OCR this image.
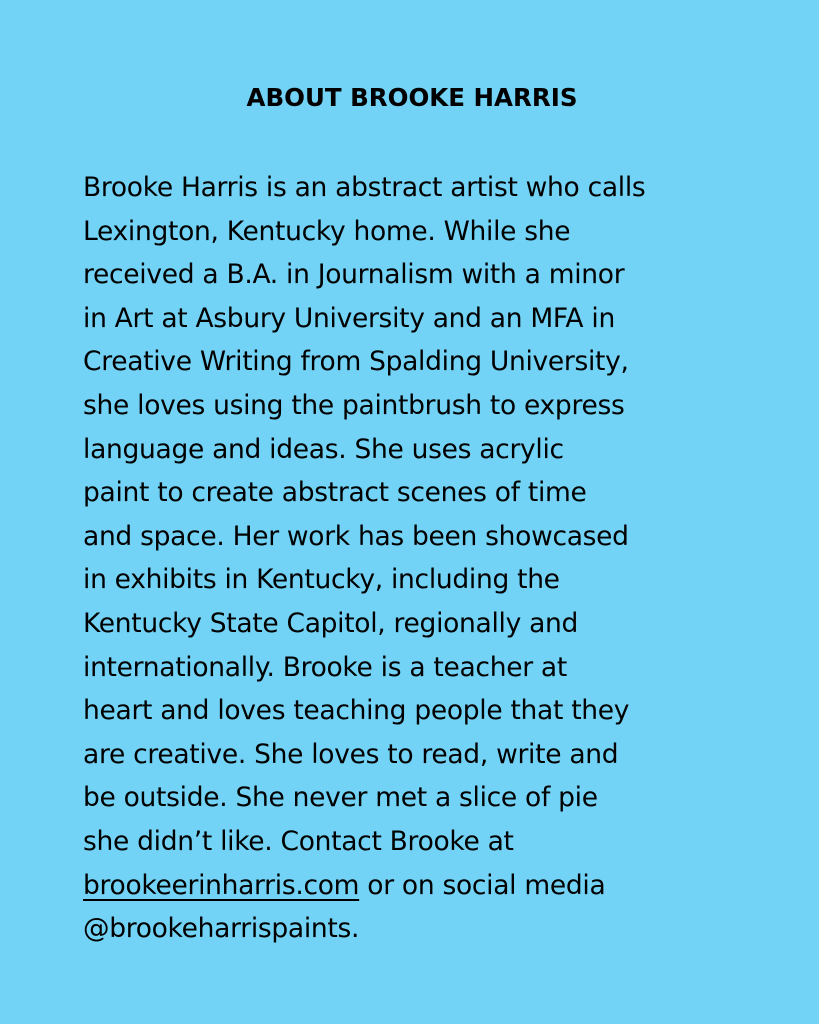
ABOUT BROOKE HARRIS
Brooke Harris is an abstract artist who calls
Lexington, Kentucky home. While she
received a B.A. in Journalism with a minor
in Art at Asbury University and an MFA in
Creative Writing from Spalding University,
she loves using the paintbrush to express
language and ideas. She uses acrylic
paint to create abstract scenes of time
and space. Her work has been showcased
in exhibits in Kentucky, including the
Kentucky State Capitol, regionally and
internationally. Brooke is a teacher at
heart and loves teaching people that they
are creative. She loves to read, write and
be outside. She never met a slice of pie
she didn’t like. Contact Brooke at
brookeerinharris.com or on social media
@brookeharrispaints.
